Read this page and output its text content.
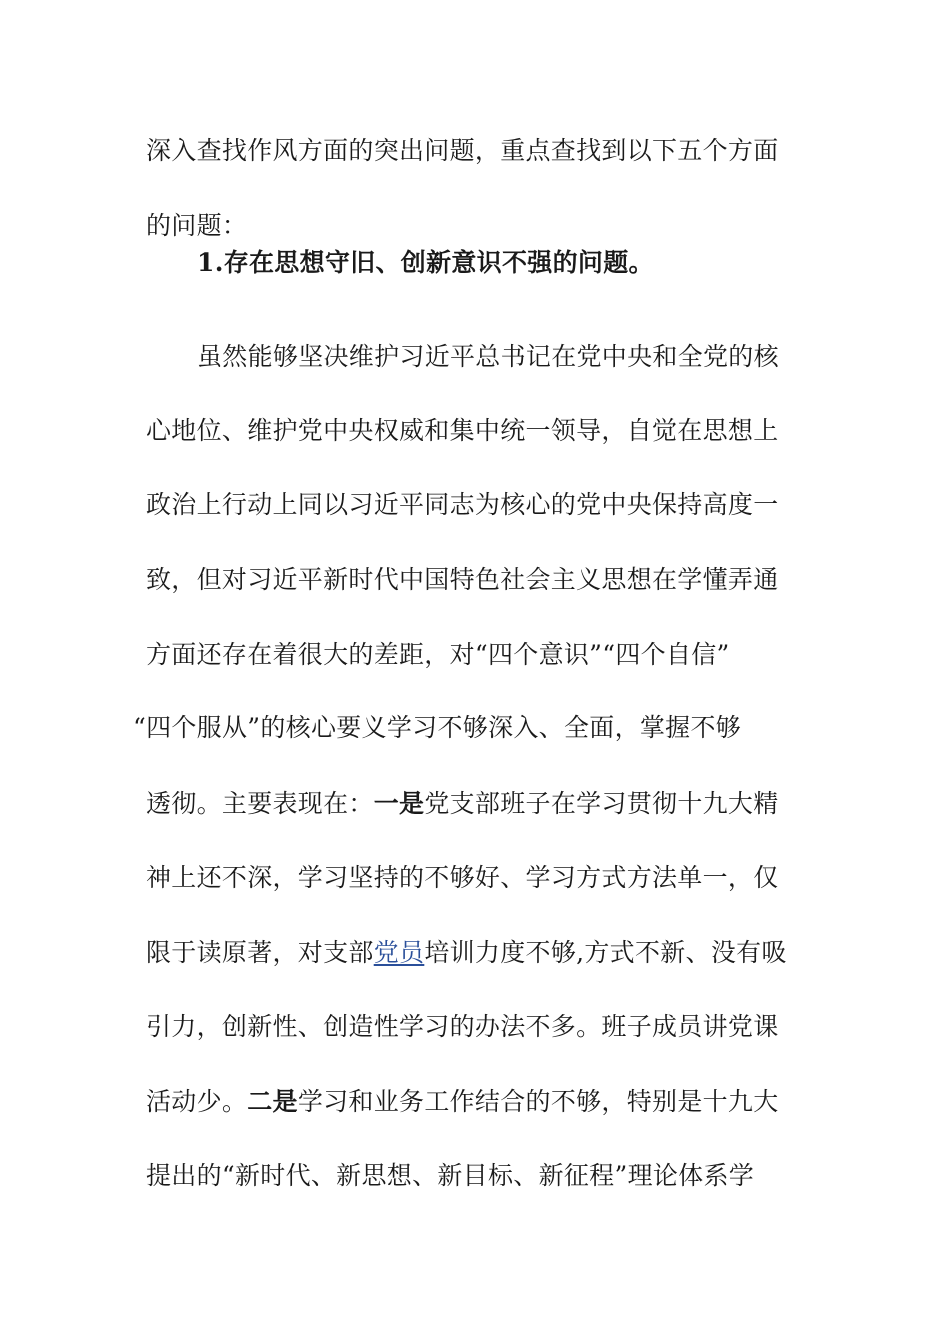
深入查找作风方面的突出问题，重点查找到以下五个方面
的问题：
1.存在思想守旧、创新意识不强的问题。
虽然能够坚决维护习近平总书记在党中央和全党的核
心地位、维护党中央权威和集中统一领导，自觉在思想上
政治上行动上同以习近平同志为核心的党中央保持高度一
致，但对习近平新时代中国特色社会主义思想在学懂弄通
方面还存在着很大的差距，对“四个意识”“四个自信”
“四个服从”的核心要义学习不够深入、全面，掌握不够
透彻。主要表现在：一是党支部班子在学习贯彻十九大精
神上还不深，学习坚持的不够好、学习方式方法单一，仅
限于读原著，对支部党员培训力度不够,方式不新、没有吸
引力，创新性、创造性学习的办法不多。班子成员讲党课
活动少。二是学习和业务工作结合的不够，特别是十九大
提出的“新时代、新思想、新目标、新征程”理论体系学
